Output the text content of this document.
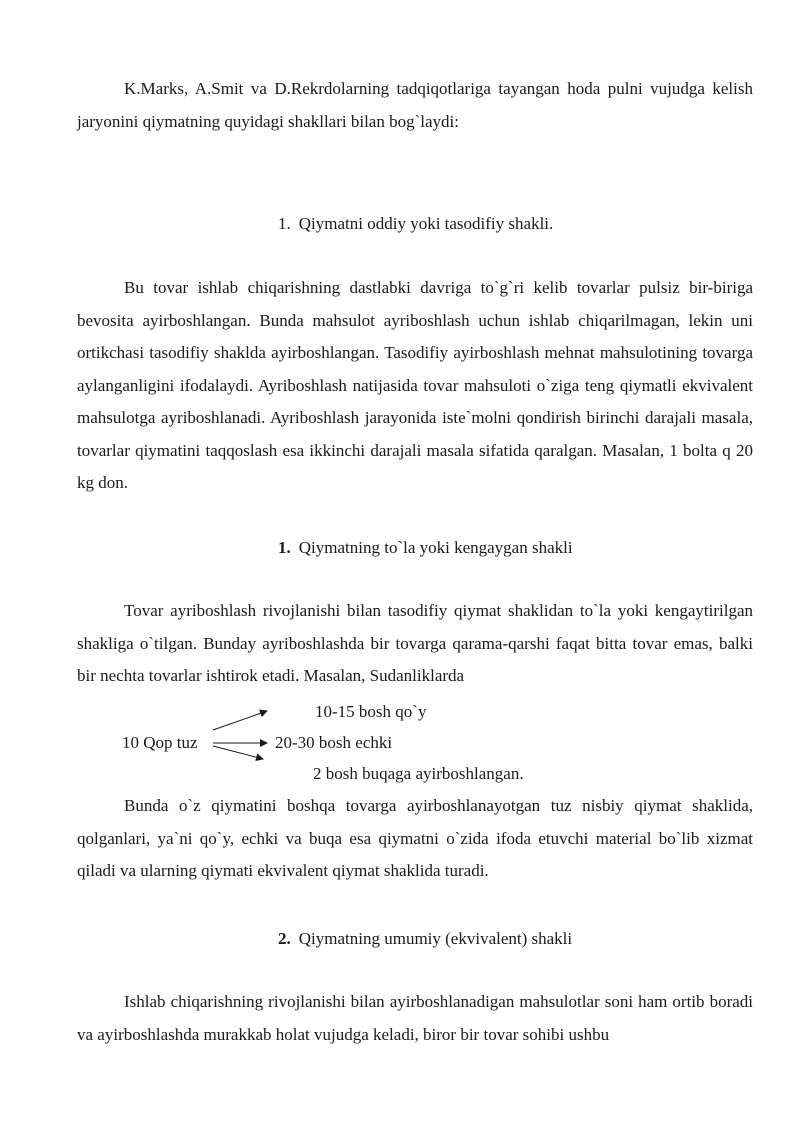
K.Marks, A.Smit va D.Rekrdolarning tadqiqotlariga tayangan hoda pulni vujudga kelish jaryonini qiymatning quyidagi shakllari bilan bog`laydi:

1. Qiymatni oddiy yoki tasodifiy shakli.

Bu tovar ishlab chiqarishning dastlabki davriga to`g`ri kelib tovarlar pulsiz bir-biriga bevosita ayirboshlangan. Bunda mahsulot ayriboshlash uchun ishlab chiqarilmagan, lekin uni ortikchasi tasodifiy shaklda ayirboshlangan. Tasodifiy ayirboshlash mehnat mahsulotining tovarga aylanganligini ifodalaydi. Ayriboshlash natijasida tovar mahsuloti o`ziga teng qiymatli ekvivalent mahsulotga ayriboshlanadi. Ayriboshlash jarayonida iste`molni qondirish birinchi darajali masala, tovarlar qiymatini taqqoslash esa ikkinchi darajali masala sifatida qaralgan. Masalan, 1 bolta q 20 kg don.

1. Qiymatning to`la yoki kengaygan shakli

Tovar ayriboshlash rivojlanishi bilan tasodifiy qiymat shaklidan to`la yoki kengaytirilgan shakliga o`tilgan. Bunday ayriboshlashda bir tovarga qarama-qarshi faqat bitta tovar emas, balki bir nechta tovarlar ishtirok etadi. Masalan, Sudanliklarda

10 Qop tuz
10-15 bosh qo`y
20-30 bosh echki
2 bosh buqaga ayirboshlangan.

Bunda o`z qiymatini boshqa tovarga ayirboshlanayotgan tuz nisbiy qiymat shaklida, qolganlari, ya`ni qo`y, echki va buqa esa qiymatni o`zida ifoda etuvchi material bo`lib xizmat qiladi va ularning qiymati ekvivalent qiymat shaklida turadi.

2. Qiymatning umumiy (ekvivalent) shakli

Ishlab chiqarishning rivojlanishi bilan ayirboshlanadigan mahsulotlar soni ham ortib boradi va ayirboshlashda murakkab holat vujudga keladi, biror bir tovar sohibi ushbu
